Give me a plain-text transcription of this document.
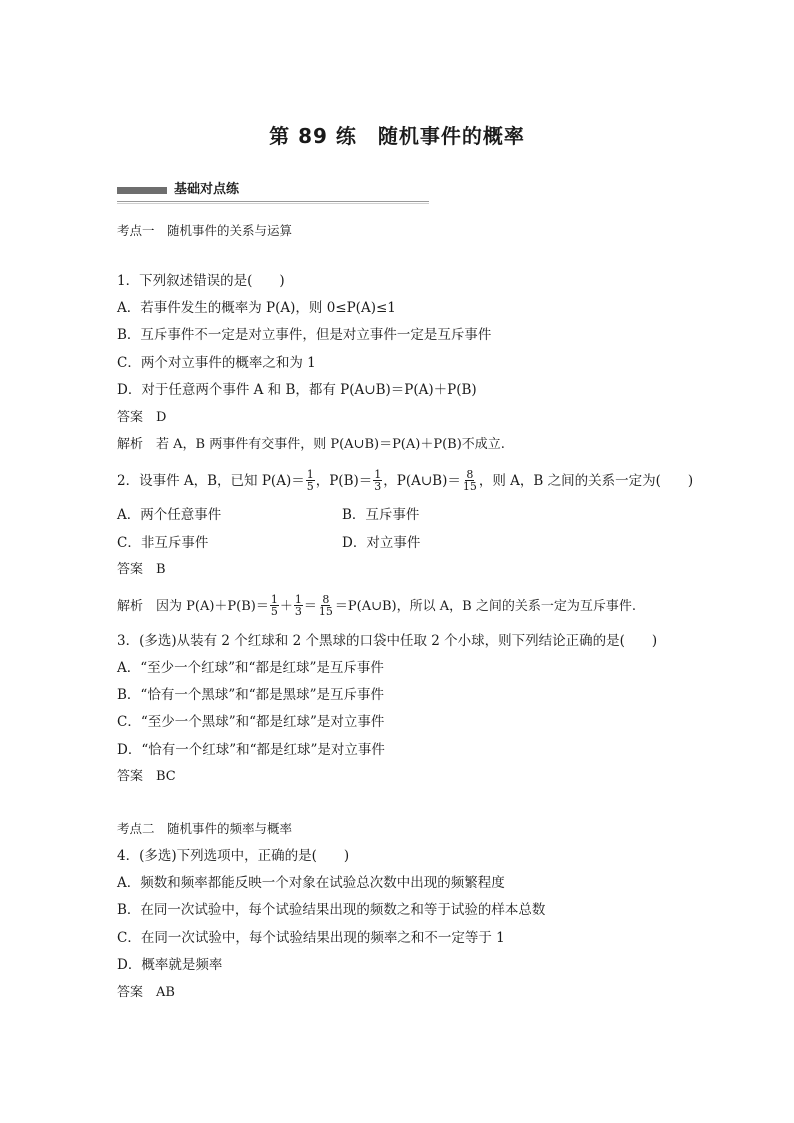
第 89 练　随机事件的概率
基础对点练
考点一　随机事件的关系与运算
1．下列叙述错误的是(　　)
A．若事件发生的概率为 P(A)，则 0≤P(A)≤1
B．互斥事件不一定是对立事件，但是对立事件一定是互斥事件
C．两个对立事件的概率之和为 1
D．对于任意两个事件 A 和 B，都有 P(A∪B)＝P(A)＋P(B)
答案　D
解析　若 A，B 两事件有交事件，则 P(A∪B)＝P(A)＋P(B)不成立.
2．设事件 A，B，已知 $P(A)= \frac{1}{5}$ ，$P(B)= \frac{1}{3}$ ，P(A∪B)＝ $\frac{8}{15}$ ，则 A，B 之间的关系一定为(　　)
A．两个任意事件	B．互斥事件
C．非互斥事件	D．对立事件
答案　B
解析　因为 $P(A)+P(B)= \frac{1}{5} + \frac{1}{3} = \frac{8}{15}$ ＝P(A∪B)，所以 A，B 之间的关系一定为互斥事件.
3．(多选)从装有 2 个红球和 2 个黑球的口袋中任取 2 个小球，则下列结论正确的是(　　)
A．“至少一个红球”和“都是红球”是互斥事件
B．“恰有一个黑球”和“都是黑球”是互斥事件
C．“至少一个黑球”和“都是红球”是对立事件
D．“恰有一个红球”和“都是红球”是对立事件
答案　BC
考点二　随机事件的频率与概率
4．(多选)下列选项中，正确的是(　　)
A．频数和频率都能反映一个对象在试验总次数中出现的频繁程度
B．在同一次试验中，每个试验结果出现的频数之和等于试验的样本总数
C．在同一次试验中，每个试验结果出现的频率之和不一定等于 1
D．概率就是频率
答案　AB
